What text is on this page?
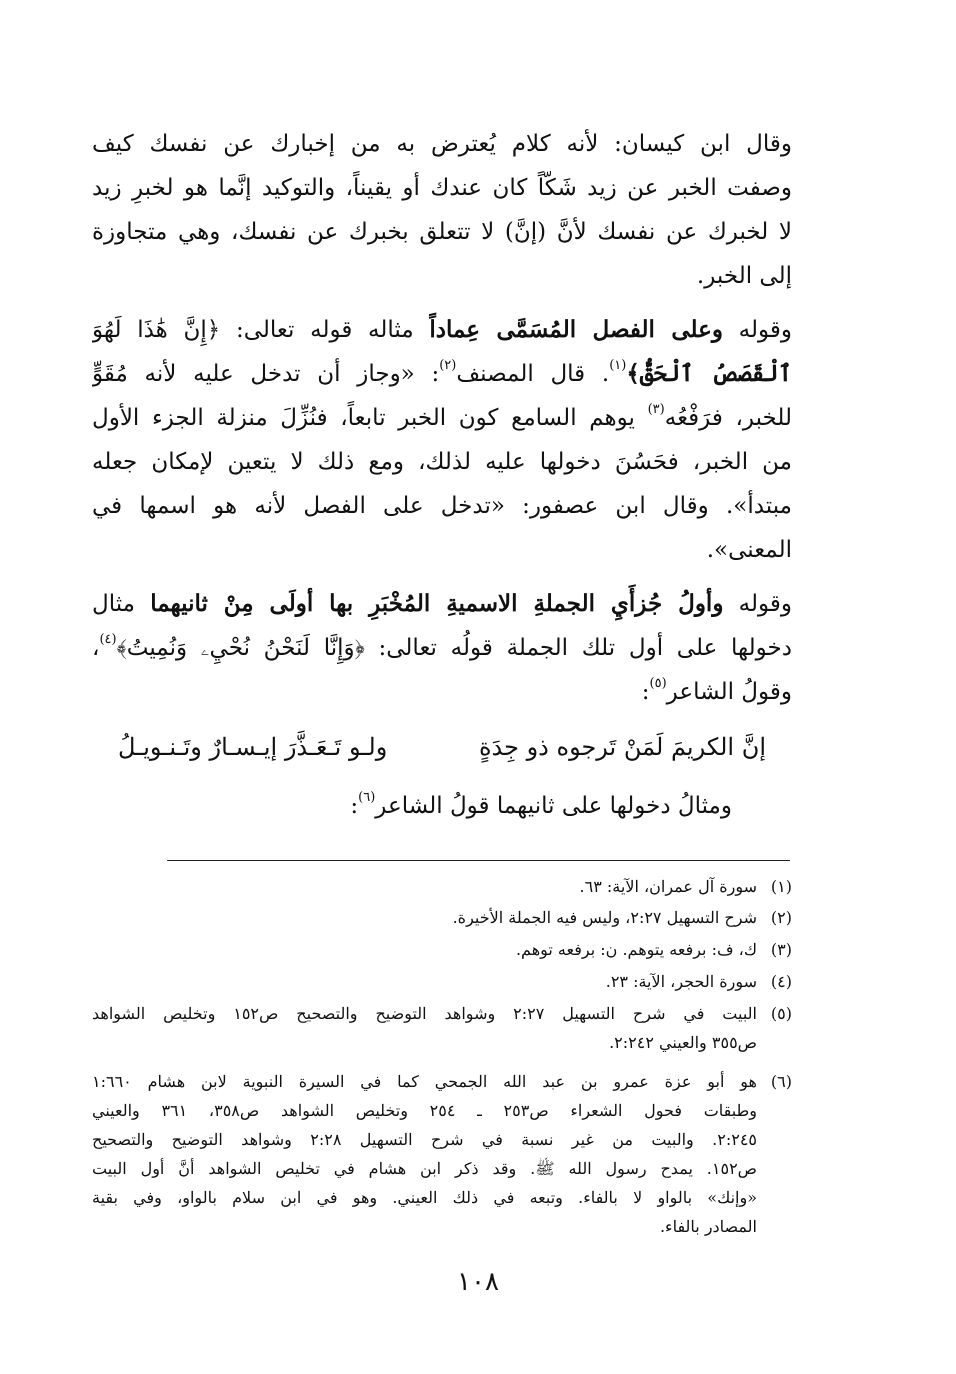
وقال ابن كيسان: لأنه كلام يُعترض به من إخبارك عن نفسك كيف
وصفت الخبر عن زيد شَكّاً كان عندك أو يقيناً، والتوكيد إنَّما هو لخبرِ زيد
لا لخبرك عن نفسك لأنَّ (إنَّ) لا تتعلق بخبرك عن نفسك، وهي متجاوزة
إلى الخبر.
وقوله وعلى الفصل المُسَمَّى عِماداً مثاله قوله تعالى: ﴿إِنَّ هَٰذَا لَهُوَ
ٱلْقَصَصُ ٱلْحَقُّ﴾$^{(١)}$. قال المصنف$^{(٢)}$: «وجاز أن تدخل عليه لأنه مُقَوٍّ
للخبر، فرَفْعُه$^{(٣)}$ يوهم السامع كون الخبر تابعاً، فنُزِّلَ منزلة الجزء الأول
من الخبر، فحَسُنَ دخولها عليه لذلك، ومع ذلك لا يتعين لإمكان جعله
مبتدأ». وقال ابن عصفور: «تدخل على الفصل لأنه هو اسمها في
المعنى».
وقوله وأولُ جُزأَيِ الجملةِ الاسميةِ المُخْبَرِ بها أولَى مِنْ ثانيهما مثال
دخولها على أول تلك الجملة قولُه تعالى: ﴿وَإِنَّا لَنَحْنُ نُحْيِۦ وَنُمِيتُ﴾$^{(٤)}$،
وقولُ الشاعر$^{(٥)}$:
إنَّ الكريمَ لَمَنْ تَرجوه ذو جِدَةٍ
ولـو تَـعَـذَّرَ إيـسـارٌ وتَـنـويـلُ
ومثالُ دخولها على ثانيهما قولُ الشاعر$^{(٦)}$:
(١)
سورة آل عمران، الآية: ٦٣.
(٢)
شرح التسهيل ٢:٢٧، وليس فيه الجملة الأخيرة.
(٣)
ك، ف: برفعه يتوهم. ن: برفعه توهم.
(٤)
سورة الحجر، الآية: ٢٣.
(٥)
البيت في شرح التسهيل ٢:٢٧ وشواهد التوضيح والتصحيح ص١٥٢ وتخليص الشواهد
ص٣٥٥ والعيني ٢:٢٤٢.
(٦)
هو أبو عزة عمرو بن عبد الله الجمحي كما في السيرة النبوية لابن هشام ١:٦٦٠
وطبقات فحول الشعراء ص٢٥٣ ـ ٢٥٤ وتخليص الشواهد ص٣٥٨، ٣٦١ والعيني
٢:٢٤٥. والبيت من غير نسبة في شرح التسهيل ٢:٢٨ وشواهد التوضيح والتصحيح
ص١٥٢. يمدح رسول الله ﷺ. وقد ذكر ابن هشام في تخليص الشواهد أنَّ أول البيت
«وإنك» بالواو لا بالفاء. وتبعه في ذلك العيني. وهو في ابن سلام بالواو، وفي بقية
المصادر بالفاء.
١٠٨
